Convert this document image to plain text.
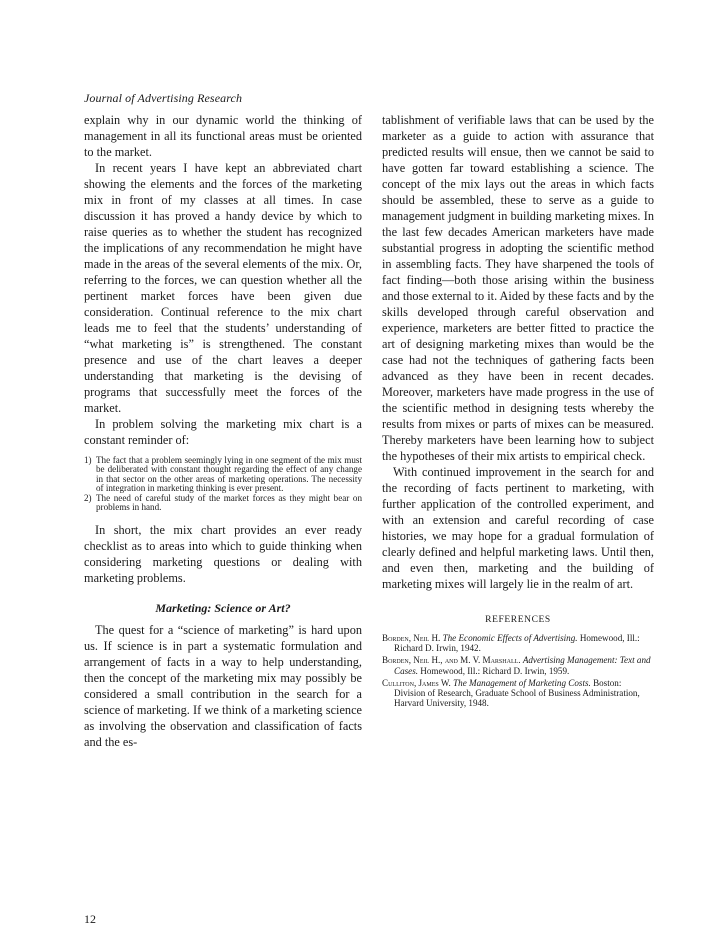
Journal of Advertising Research

explain why in our dynamic world the thinking of management in all its functional areas must be oriented to the market.

In recent years I have kept an abbreviated chart showing the elements and the forces of the marketing mix in front of my classes at all times. In case discussion it has proved a handy device by which to raise queries as to whether the student has recognized the implications of any recommendation he might have made in the areas of the several elements of the mix. Or, referring to the forces, we can question whether all the pertinent market forces have been given due consideration. Continual reference to the mix chart leads me to feel that the students’ understanding of “what marketing is” is strengthened. The constant presence and use of the chart leaves a deeper understanding that marketing is the devising of programs that successfully meet the forces of the market.

In problem solving the marketing mix chart is a constant reminder of:

1) The fact that a problem seemingly lying in one segment of the mix must be deliberated with constant thought regarding the effect of any change in that sector on the other areas of marketing operations. The necessity of integration in marketing thinking is ever present.
2) The need of careful study of the market forces as they might bear on problems in hand.

In short, the mix chart provides an ever ready checklist as to areas into which to guide thinking when considering marketing questions or dealing with marketing problems.

Marketing: Science or Art?

The quest for a “science of marketing” is hard upon us. If science is in part a systematic formulation and arrangement of facts in a way to help understanding, then the concept of the marketing mix may possibly be considered a small contribution in the search for a science of marketing. If we think of a marketing science as involving the observation and classification of facts and the es-

tablishment of verifiable laws that can be used by the marketer as a guide to action with assurance that predicted results will ensue, then we cannot be said to have gotten far toward establishing a science. The concept of the mix lays out the areas in which facts should be assembled, these to serve as a guide to management judgment in building marketing mixes. In the last few decades American marketers have made substantial progress in adopting the scientific method in assembling facts. They have sharpened the tools of fact finding—both those arising within the business and those external to it. Aided by these facts and by the skills developed through careful observation and experience, marketers are better fitted to practice the art of designing marketing mixes than would be the case had not the techniques of gathering facts been advanced as they have been in recent decades. Moreover, marketers have made progress in the use of the scientific method in designing tests whereby the results from mixes or parts of mixes can be measured. Thereby marketers have been learning how to subject the hypotheses of their mix artists to empirical check.

With continued improvement in the search for and the recording of facts pertinent to marketing, with further application of the controlled experiment, and with an extension and careful recording of case histories, we may hope for a gradual formulation of clearly defined and helpful marketing laws. Until then, and even then, marketing and the building of marketing mixes will largely lie in the realm of art.

REFERENCES
Borden, Neil H. The Economic Effects of Advertising. Homewood, Ill.: Richard D. Irwin, 1942.
Borden, Neil H., and M. V. Marshall. Advertising Management: Text and Cases. Homewood, Ill.: Richard D. Irwin, 1959.
Culliton, James W. The Management of Marketing Costs. Boston: Division of Research, Graduate School of Business Administration, Harvard University, 1948.
12
